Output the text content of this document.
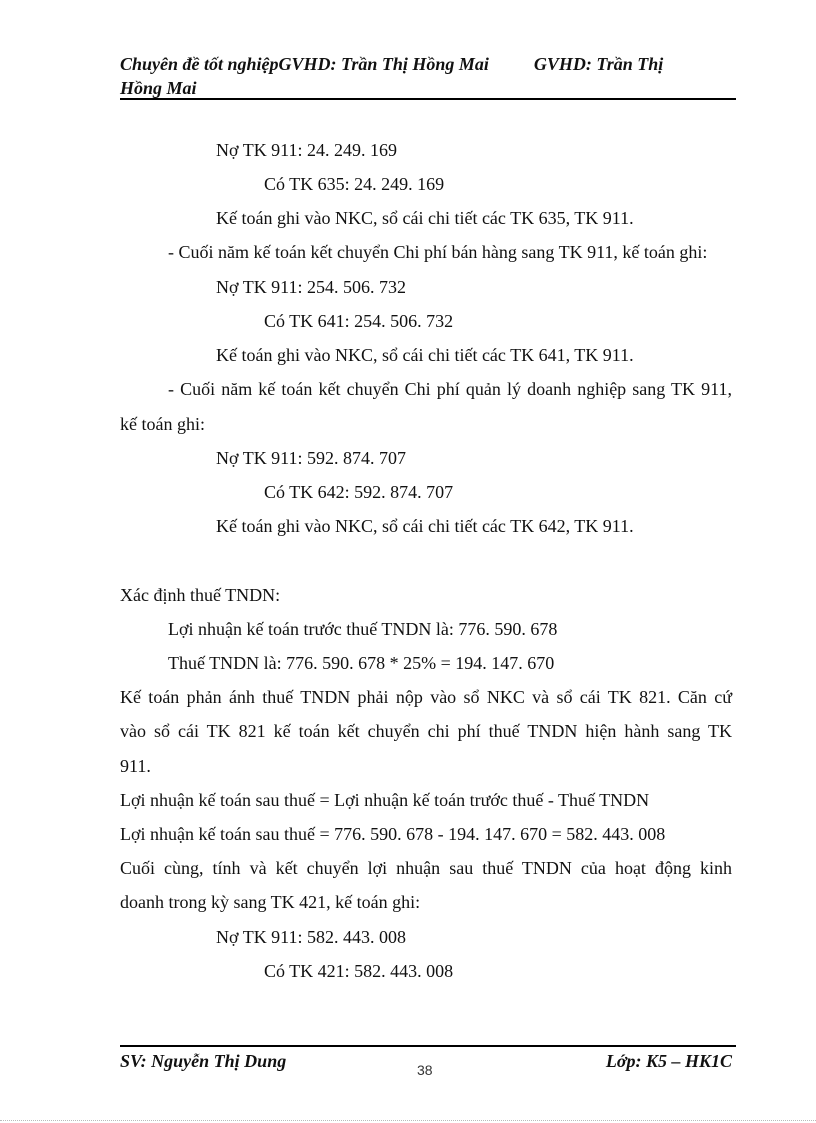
Chuyên đề tốt nghiệpGVHD: Trần Thị Hồng Mai          GVHD: Trần Thị
Hồng Mai
Nợ TK 911: 24. 249. 169
Có TK 635: 24. 249. 169
Kế toán ghi vào NKC, sổ cái chi tiết các TK 635, TK 911.
- Cuối năm kế toán kết chuyển Chi phí bán hàng sang TK 911, kế toán ghi:
Nợ TK 911: 254. 506. 732
Có TK 641: 254. 506. 732
Kế toán ghi vào NKC, sổ cái chi tiết các TK 641, TK 911.
- Cuối năm kế toán kết chuyển Chi phí quản lý doanh nghiệp sang TK 911,
kế toán ghi:
Nợ TK 911: 592. 874. 707
Có TK 642: 592. 874. 707
Kế toán ghi vào NKC, sổ cái chi tiết các TK 642, TK 911.
Xác định thuế TNDN:
Lợi nhuận kế toán trước thuế TNDN là: 776. 590. 678
Thuế TNDN là: 776. 590. 678 * 25% = 194. 147. 670
Kế toán phản ánh thuế TNDN phải nộp vào sổ NKC và sổ cái TK 821. Căn cứ
vào sổ cái TK 821 kế toán kết chuyển chi phí thuế TNDN hiện hành sang TK
911.
Lợi nhuận kế toán sau thuế = Lợi nhuận kế toán trước thuế - Thuế TNDN
Lợi nhuận kế toán sau thuế = 776. 590. 678 - 194. 147. 670 = 582. 443. 008
Cuối cùng, tính và kết chuyển lợi nhuận sau thuế TNDN của hoạt động kinh
doanh trong kỳ sang TK 421, kế toán ghi:
Nợ TK 911: 582. 443. 008
Có TK 421: 582. 443. 008
SV: Nguyễn Thị Dung	38	Lớp: K5 – HK1C
